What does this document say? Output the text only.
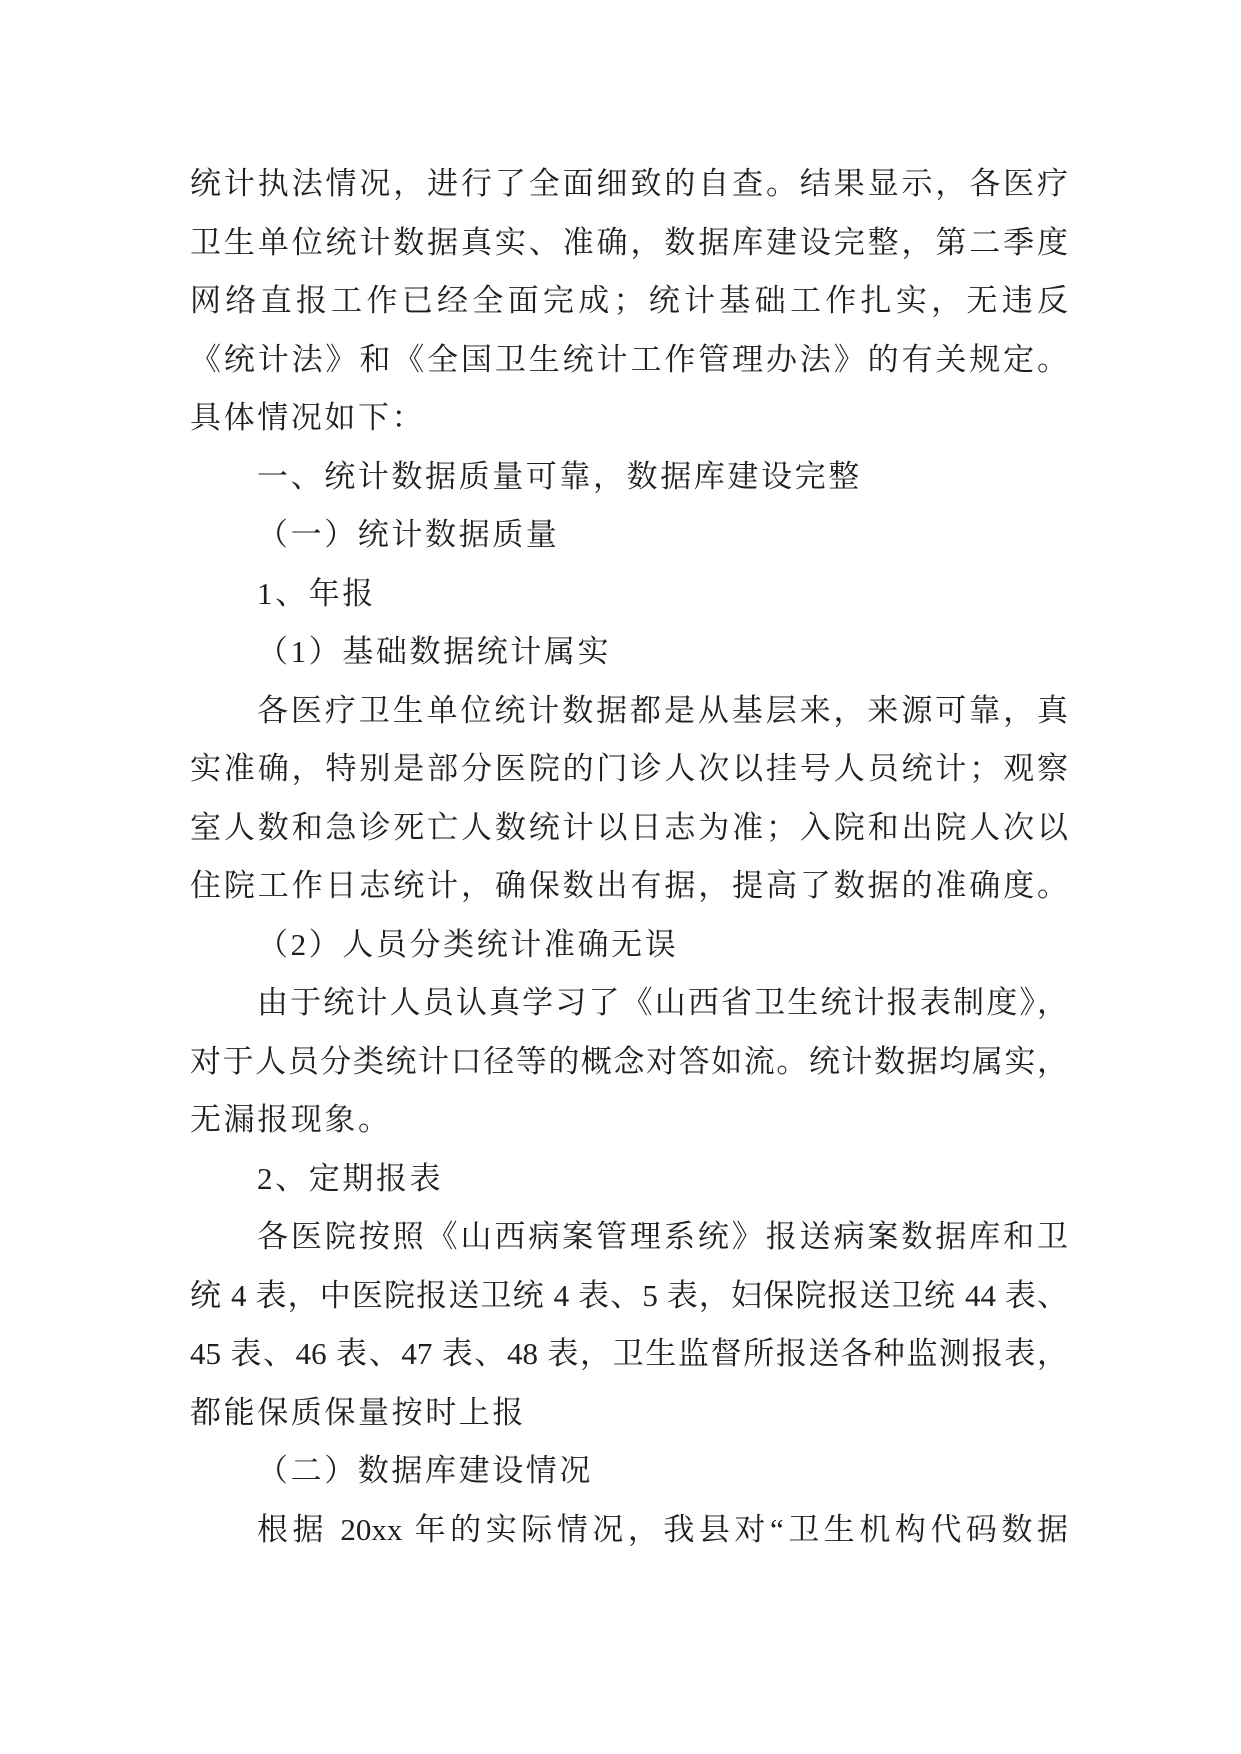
统计执法情况，进行了全面细致的自查。结果显示，各医疗
卫生单位统计数据真实、准确，数据库建设完整，第二季度
网络直报工作已经全面完成；统计基础工作扎实，无违反
《统计法》和《全国卫生统计工作管理办法》的有关规定。
具体情况如下：
一、统计数据质量可靠，数据库建设完整
（一）统计数据质量
1、年报
（1）基础数据统计属实
各医疗卫生单位统计数据都是从基层来，来源可靠，真
实准确，特别是部分医院的门诊人次以挂号人员统计；观察
室人数和急诊死亡人数统计以日志为准；入院和出院人次以
住院工作日志统计，确保数出有据，提高了数据的准确度。
（2）人员分类统计准确无误
由于统计人员认真学习了《山西省卫生统计报表制度》，
对于人员分类统计口径等的概念对答如流。统计数据均属实，
无漏报现象。
2、定期报表
各医院按照《山西病案管理系统》报送病案数据库和卫
统 4 表，中医院报送卫统 4 表、5 表，妇保院报送卫统 44 表、
45 表、46 表、47 表、48 表，卫生监督所报送各种监测报表，
都能保质保量按时上报
（二）数据库建设情况
根据 20xx 年的实际情况，我县对“卫生机构代码数据
